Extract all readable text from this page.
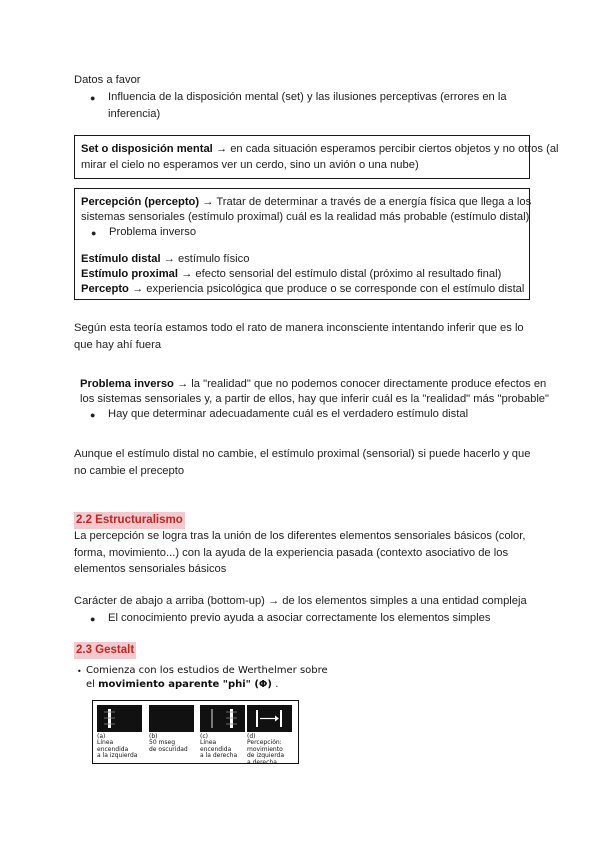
Datos a favor
● Influencia de la disposición mental (set) y las ilusiones perceptivas (errores en la
inferencia)
Set o disposición mental → en cada situación esperamos percibir ciertos objetos y no otros (al
mirar el cielo no esperamos ver un cerdo, sino un avión o una nube)
Percepción (percepto) → Tratar de determinar a través de a energía física que llega a los
sistemas sensoriales (estímulo proximal) cuál es la realidad más probable (estímulo distal)
● Problema inverso
Estímulo distal → estímulo físico
Estímulo proximal → efecto sensorial del estímulo distal (próximo al resultado final)
Percepto → experiencia psicológica que produce o se corresponde con el estímulo distal
Según esta teoría estamos todo el rato de manera inconsciente intentando inferir que es lo
que hay ahí fuera
Problema inverso → la "realidad" que no podemos conocer directamente produce efectos en
los sistemas sensoriales y, a partir de ellos, hay que inferir cuál es la "realidad" más "probable"
● Hay que determinar adecuadamente cuál es el verdadero estímulo distal
Aunque el estímulo distal no cambie, el estímulo proximal (sensorial) si puede hacerlo y que
no cambie el precepto
2.2 Estructuralismo
La percepción se logra tras la unión de los diferentes elementos sensoriales básicos (color,
forma, movimiento...) con la ayuda de la experiencia pasada (contexto asociativo de los
elementos sensoriales básicos
Carácter de abajo a arriba (bottom-up) → de los elementos simples a una entidad compleja
● El conocimiento previo ayuda a asociar correctamente los elementos simples
2.3 Gestalt
• Comienza con los estudios de Werthelmer sobre
el movimiento aparente "phi" (Φ) .
(a)
Línea
encendida
a la izquierda
(b)
50 mseg
de oscuridad
(c)
Línea
encendida
a la derecha
(d)
Percepción:
movimiento
de izquierda
a derecha
